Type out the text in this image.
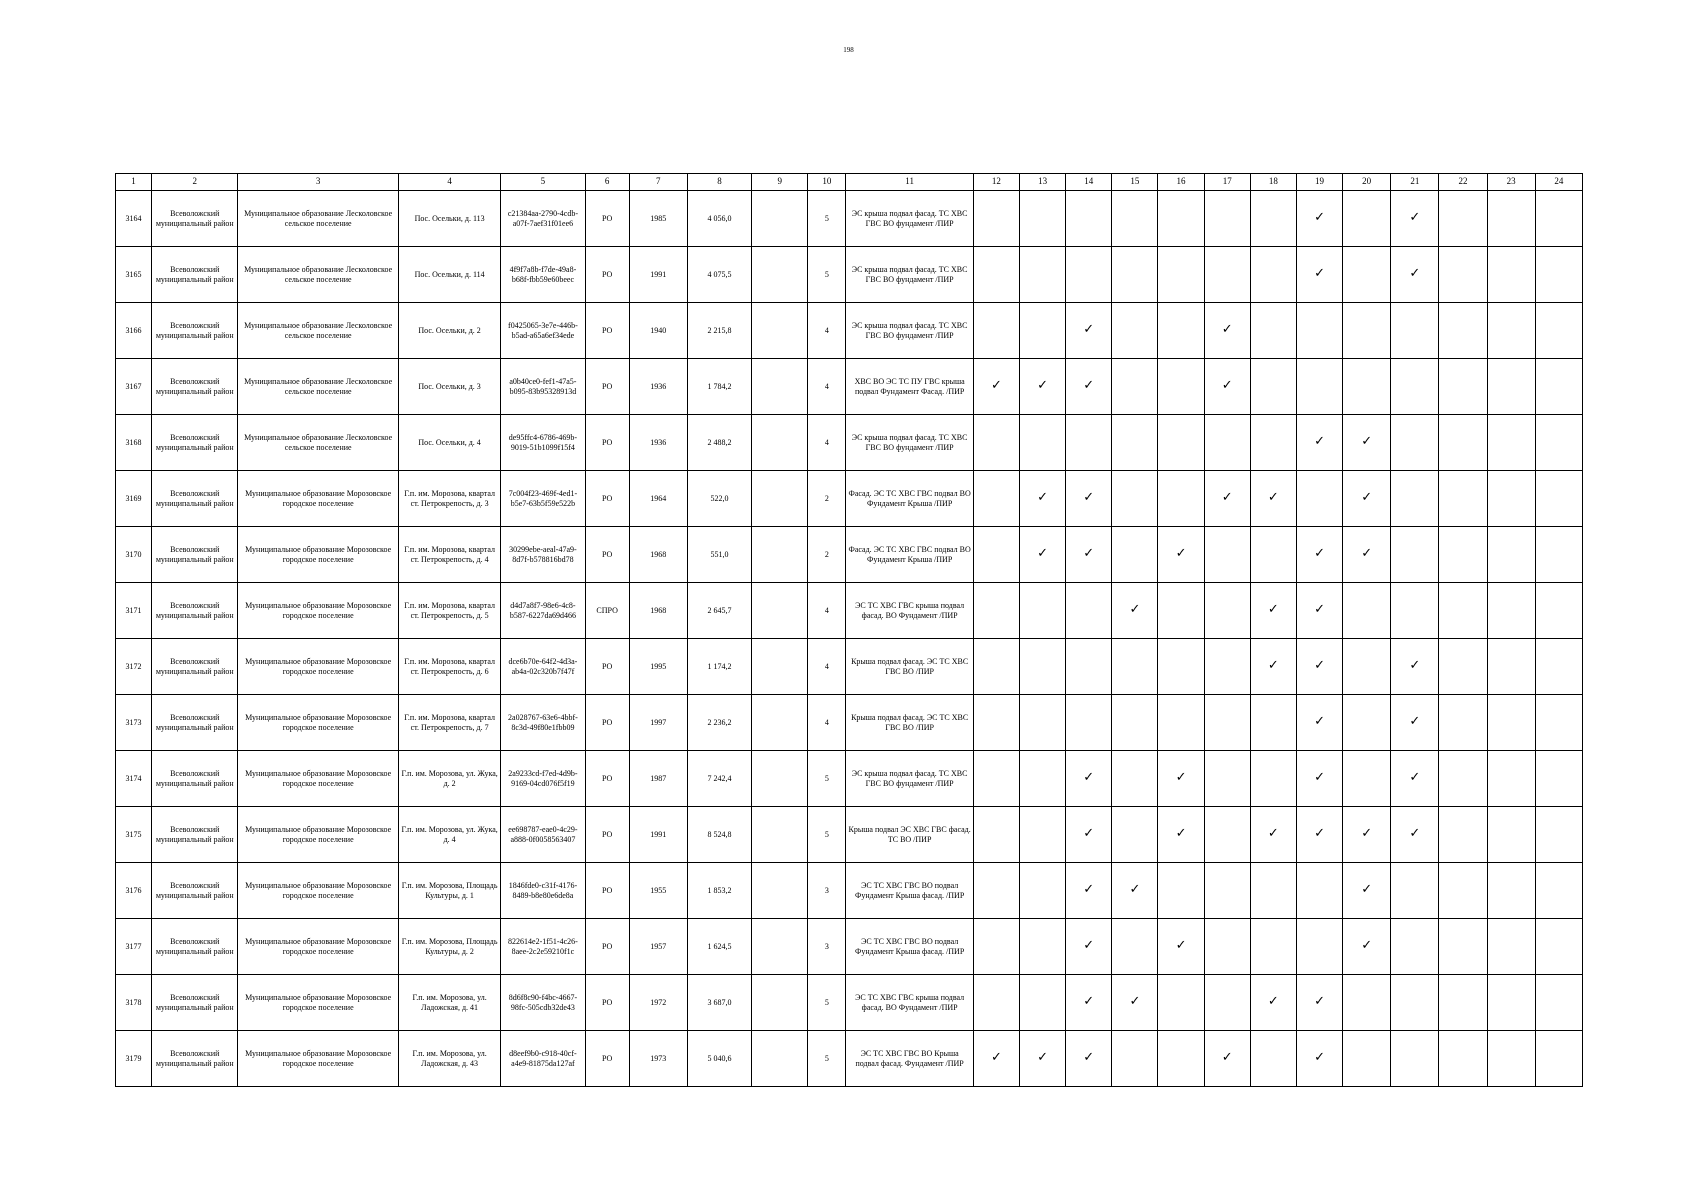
198
1	2	3	4	5	6	7	8	9	10	11	12	13	14	15	16	17	18	19	20	21	22	23	24
3164	Всеволожский муниципальный район	Муниципальное образование Лесколовское сельское поселение	Пос. Осельки, д. 113	c21384aa-2790-4cdb-a07f-7aef31f01ee6	РО	1985	4 056,0		5	ЭС крыша подвал фасад. ТС ХВС ГВС ВО фундамент /ПИР								✓		✓			
3165	Всеволожский муниципальный район	Муниципальное образование Лесколовское сельское поселение	Пос. Осельки, д. 114	4f9f7a8b-f7de-49a8-b68f-fbb59e60beec	РО	1991	4 075,5		5	ЭС крыша подвал фасад. ТС ХВС ГВС ВО фундамент /ПИР								✓		✓			
3166	Всеволожский муниципальный район	Муниципальное образование Лесколовское сельское поселение	Пос. Осельки, д. 2	f0425065-3e7e-446b-b5ad-a65a6ef34ede	РО	1940	2 215,8		4	ЭС крыша подвал фасад. ТС ХВС ГВС ВО фундамент /ПИР			✓			✓							
3167	Всеволожский муниципальный район	Муниципальное образование Лесколовское сельское поселение	Пос. Осельки, д. 3	a0b40ce0-fef1-47a5-b095-83b95328913d	РО	1936	1 784,2		4	ХВС ВО ЭС ТС ПУ ГВС крыша подвал Фундамент Фасад. /ПИР	✓	✓	✓			✓							
3168	Всеволожский муниципальный район	Муниципальное образование Лесколовское сельское поселение	Пос. Осельки, д. 4	de95ffc4-6786-469b-9019-51b1099f15f4	РО	1936	2 488,2		4	ЭС крыша подвал фасад. ТС ХВС ГВС ВО фундамент /ПИР								✓	✓				
3169	Всеволожский муниципальный район	Муниципальное образование Морозовское городское поселение	Г.п. им. Морозова, квартал ст. Петрокрепость, д. 3	7c004f23-469f-4ed1-b5e7-63b5f59e522b	РО	1964	522,0		2	Фасад. ЭС ТС ХВС ГВС подвал ВО Фундамент Крыша /ПИР		✓	✓			✓	✓		✓				
3170	Всеволожский муниципальный район	Муниципальное образование Морозовское городское поселение	Г.п. им. Морозова, квартал ст. Петрокрепость, д. 4	30299ebe-aeal-47a9-8d7f-b578816bd78	РО	1968	551,0		2	Фасад. ЭС ТС ХВС ГВС подвал ВО Фундамент Крыша /ПИР		✓	✓		✓			✓	✓				
3171	Всеволожский муниципальный район	Муниципальное образование Морозовское городское поселение	Г.п. им. Морозова, квартал ст. Петрокрепость, д. 5	d4d7a8f7-98e6-4c8-b587-6227da69d466	СПРО	1968	2 645,7		4	ЭС ТС ХВС ГВС крыша подвал фасад. ВО Фундамент /ПИР				✓			✓	✓					
3172	Всеволожский муниципальный район	Муниципальное образование Морозовское городское поселение	Г.п. им. Морозова, квартал ст. Петрокрепость, д. 6	dce6b70e-64f2-4d3a-ab4a-02c320b7f47f	РО	1995	1 174,2		4	Крыша подвал фасад. ЭС ТС ХВС ГВС ВО /ПИР							✓	✓		✓			
3173	Всеволожский муниципальный район	Муниципальное образование Морозовское городское поселение	Г.п. им. Морозова, квартал ст. Петрокрепость, д. 7	2a028767-63e6-4bbf-8c3d-49f80e1fbb09	РО	1997	2 236,2		4	Крыша подвал фасад. ЭС ТС ХВС ГВС ВО /ПИР								✓		✓			
3174	Всеволожский муниципальный район	Муниципальное образование Морозовское городское поселение	Г.п. им. Морозова, ул. Жука, д. 2	2a9233cd-f7ed-4d9b-9169-04cd076f5f19	РО	1987	7 242,4		5	ЭС крыша подвал фасад. ТС ХВС ГВС ВО фундамент /ПИР			✓		✓			✓		✓			
3175	Всеволожский муниципальный район	Муниципальное образование Морозовское городское поселение	Г.п. им. Морозова, ул. Жука, д. 4	ee698787-eae0-4c29-a888-0f0058563407	РО	1991	8 524,8		5	Крыша подвал ЭС ХВС ГВС фасад. ТС ВО /ПИР			✓		✓		✓	✓	✓	✓			
3176	Всеволожский муниципальный район	Муниципальное образование Морозовское городское поселение	Г.п. им. Морозова, Площадь Культуры, д. 1	1846fde0-c31f-4176-8489-b8e80e6de8a	РО	1955	1 853,2		3	ЭС ТС ХВС ГВС ВО подвал Фундамент Крыша фасад. /ПИР			✓	✓					✓				
3177	Всеволожский муниципальный район	Муниципальное образование Морозовское городское поселение	Г.п. им. Морозова, Площадь Культуры, д. 2	822614e2-1f51-4c26-8aee-2c2e59210f1c	РО	1957	1 624,5		3	ЭС ТС ХВС ГВС ВО подвал Фундамент Крыша фасад. /ПИР			✓		✓				✓				
3178	Всеволожский муниципальный район	Муниципальное образование Морозовское городское поселение	Г.п. им. Морозова, ул. Ладожская, д. 41	8d6f8c90-f4bc-4667-98fc-505cdb32de43	РО	1972	3 687,0		5	ЭС ТС ХВС ГВС крыша подвал фасад. ВО Фундамент /ПИР			✓	✓			✓	✓					
3179	Всеволожский муниципальный район	Муниципальное образование Морозовское городское поселение	Г.п. им. Морозова, ул. Ладожская, д. 43	d8eef9b0-c918-40cf-a4e9-81875da127af	РО	1973	5 040,6		5	ЭС ТС ХВС ГВС ВО Крыша подвал фасад. Фундамент /ПИР	✓	✓	✓			✓		✓					
